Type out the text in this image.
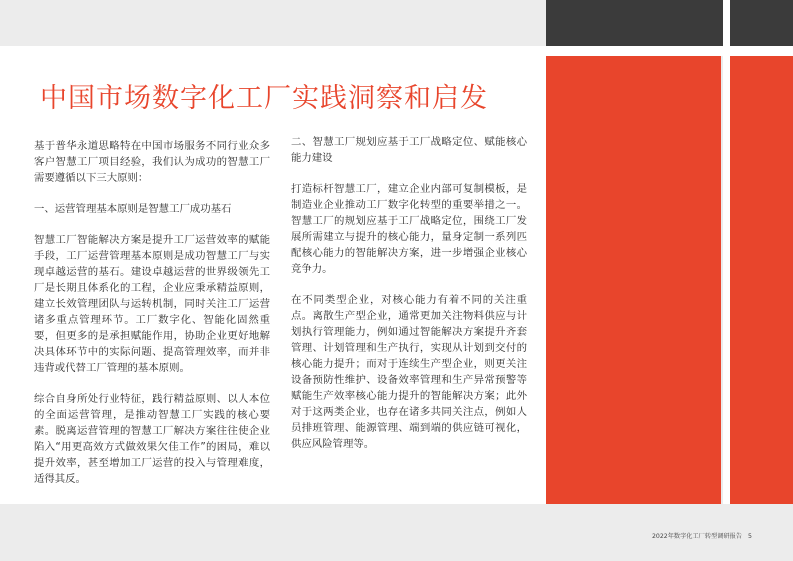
中国市场数字化工厂实践洞察和启发

基于普华永道思略特在中国市场服务不同行业众多客户智慧工厂项目经验，我们认为成功的智慧工厂需要遵循以下三大原则：

一、运营管理基本原则是智慧工厂成功基石

智慧工厂智能解决方案是提升工厂运营效率的赋能手段，工厂运营管理基本原则是成功智慧工厂与实现卓越运营的基石。建设卓越运营的世界级领先工厂是长期且体系化的工程，企业应秉承精益原则，建立长效管理团队与运转机制，同时关注工厂运营诸多重点管理环节。工厂数字化、智能化固然重要，但更多的是承担赋能作用，协助企业更好地解决具体环节中的实际问题、提高管理效率，而并非违背或代替工厂管理的基本原则。

综合自身所处行业特征，践行精益原则、以人本位的全面运营管理，是推动智慧工厂实践的核心要素。脱离运营管理的智慧工厂解决方案往往使企业陷入“用更高效方式做效果欠佳工作”的困局，难以提升效率，甚至增加工厂运营的投入与管理难度，适得其反。

二、智慧工厂规划应基于工厂战略定位、赋能核心能力建设

打造标杆智慧工厂，建立企业内部可复制模板，是制造业企业推动工厂数字化转型的重要举措之一。智慧工厂的规划应基于工厂战略定位，围绕工厂发展所需建立与提升的核心能力，量身定制一系列匹配核心能力的智能解决方案，进一步增强企业核心竞争力。

在不同类型企业，对核心能力有着不同的关注重点。离散生产型企业，通常更加关注物料供应与计划执行管理能力，例如通过智能解决方案提升齐套管理、计划管理和生产执行，实现从计划到交付的核心能力提升；而对于连续生产型企业，则更关注设备预防性维护、设备效率管理和生产异常预警等赋能生产效率核心能力提升的智能解决方案；此外对于这两类企业，也存在诸多共同关注点，例如人员排班管理、能源管理、端到端的供应链可视化，供应风险管理等。

2022年数字化工厂转型调研报告 5
